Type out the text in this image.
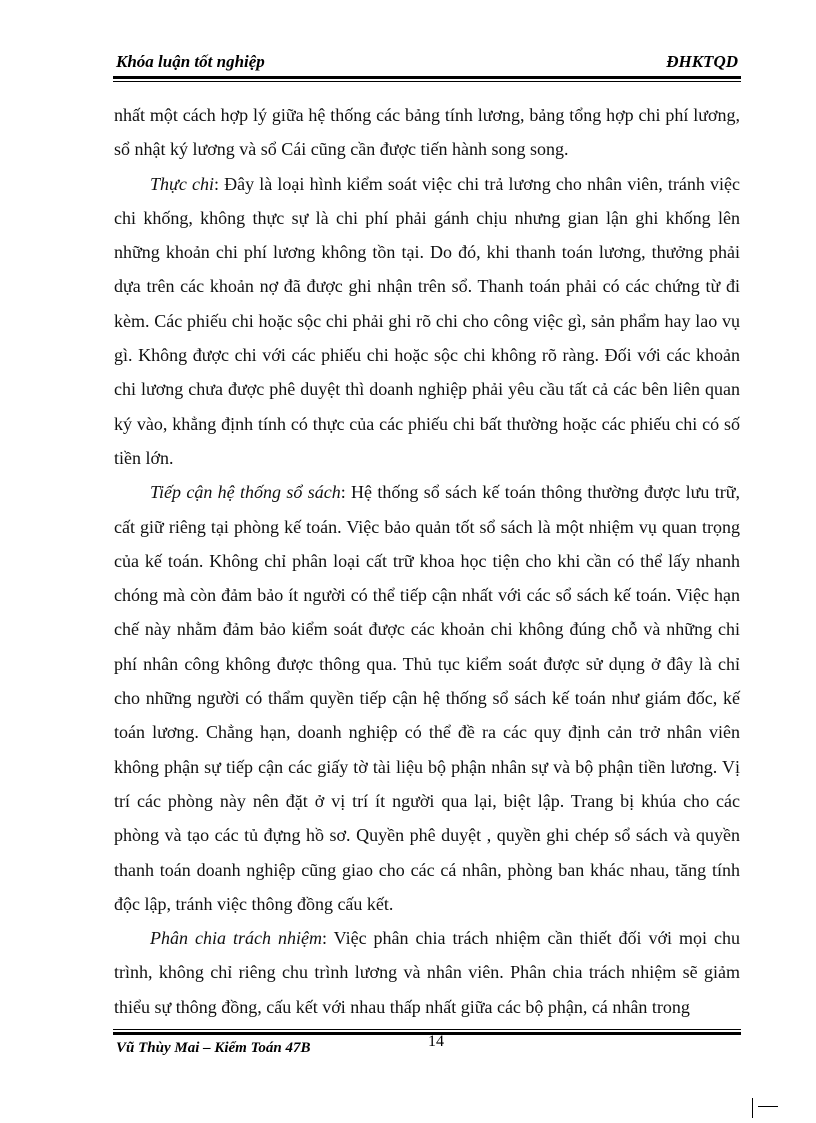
Khóa luận tốt nghiệp	ĐHKTQD

nhất một cách hợp lý giữa hệ thống các bảng tính lương, bảng tổng hợp chi phí lương, sổ nhật ký lương và sổ Cái cũng cần được tiến hành song song.

Thực chi: Đây là loại hình kiểm soát việc chi trả lương cho nhân viên, tránh việc chi khống, không thực sự là chi phí phải gánh chịu nhưng gian lận ghi khống lên những khoản chi phí lương không tồn tại. Do đó, khi thanh toán lương, thưởng phải dựa trên các khoản nợ đã được ghi nhận trên sổ. Thanh toán phải có các chứng từ đi kèm. Các phiếu chi hoặc sộc chi phải ghi rõ chi cho công việc gì, sản phẩm hay lao vụ gì. Không được chi với các phiếu chi hoặc sộc chi không rõ ràng. Đối với các khoản chi lương chưa được phê duyệt thì doanh nghiệp phải yêu cầu tất cả các bên liên quan ký vào, khẳng định tính có thực của các phiếu chi bất thường hoặc các phiếu chi có số tiền lớn.

Tiếp cận hệ thống sổ sách: Hệ thống sổ sách kế toán thông thường được lưu trữ, cất giữ riêng tại phòng kế toán. Việc bảo quản tốt sổ sách là một nhiệm vụ quan trọng của kế toán. Không chỉ phân loại cất trữ khoa học tiện cho khi cần có thể lấy nhanh chóng mà còn đảm bảo ít người có thể tiếp cận nhất với các sổ sách kế toán. Việc hạn chế này nhằm đảm bảo kiểm soát được các khoản chi không đúng chỗ và những chi phí nhân công không được thông qua. Thủ tục kiểm soát được sử dụng ở đây là chỉ cho những người có thẩm quyền tiếp cận hệ thống sổ sách kế toán như giám đốc, kế toán lương. Chẳng hạn, doanh nghiệp có thể đề ra các quy định cản trở nhân viên không phận sự tiếp cận các giấy tờ tài liệu bộ phận nhân sự và bộ phận tiền lương. Vị trí các phòng này nên đặt ở vị trí ít người qua lại, biệt lập. Trang bị khúa cho các phòng và tạo các tủ đựng hồ sơ. Quyền phê duyệt , quyền ghi chép sổ sách và quyền thanh toán doanh nghiệp cũng giao cho các cá nhân, phòng ban khác nhau, tăng tính độc lập, tránh việc thông đồng cấu kết.

Phân chia trách nhiệm: Việc phân chia trách nhiệm cần thiết đối với mọi chu trình, không chỉ riêng chu trình lương và nhân viên. Phân chia trách nhiệm sẽ giảm thiểu sự thông đồng, cấu kết với nhau thấp nhất giữa các bộ phận, cá nhân trong

Vũ Thùy Mai – Kiểm Toán 47B	14
